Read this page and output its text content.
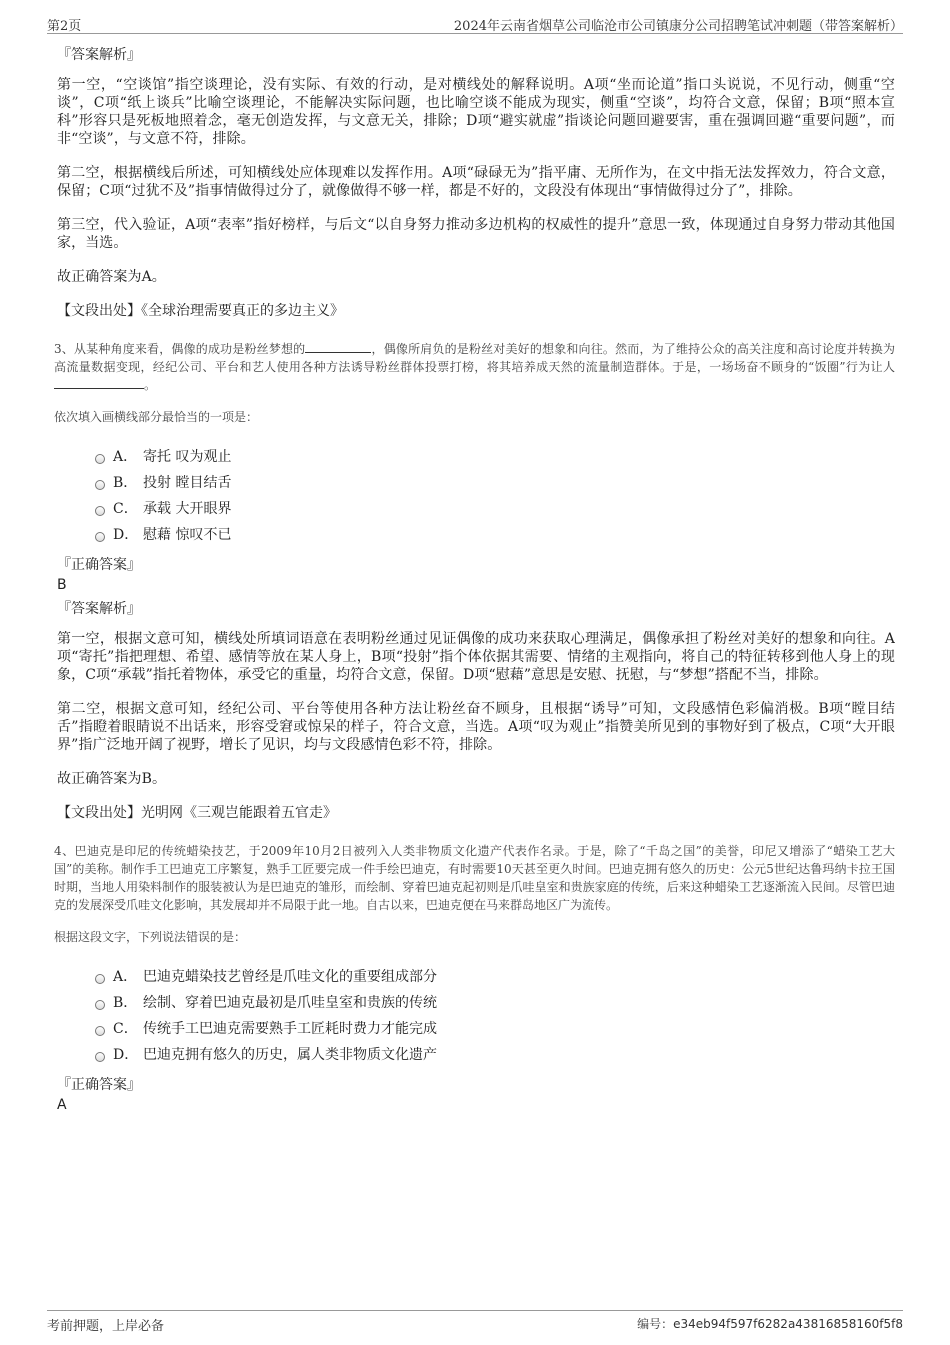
第2页	2024年云南省烟草公司临沧市公司镇康分公司招聘笔试冲刺题（带答案解析）
『答案解析』

第一空，“空谈馆”指空谈理论，没有实际、有效的行动，是对横线处的解释说明。A项“坐而论道”指口头说说，不见行动，侧重“空谈”，C项“纸上谈兵”比喻空谈理论，不能解决实际问题，也比喻空谈不能成为现实，侧重“空谈”，均符合文意，保留；B项“照本宣科”形容只是死板地照着念，毫无创造发挥，与文意无关，排除；D项“避实就虚”指谈论问题回避要害，重在强调回避“重要问题”，而非“空谈”，与文意不符，排除。

第二空，根据横线后所述，可知横线处应体现难以发挥作用。A项“碌碌无为”指平庸、无所作为，在文中指无法发挥效力，符合文意，保留；C项“过犹不及”指事情做得过分了，就像做得不够一样，都是不好的，文段没有体现出“事情做得过分了”，排除。

第三空，代入验证，A项“表率”指好榜样，与后文“以自身努力推动多边机构的权威性的提升”意思一致，体现通过自身努力带动其他国家，当选。

故正确答案为A。

【文段出处】《全球治理需要真正的多边主义》

3、从某种角度来看，偶像的成功是粉丝梦想的	，偶像所肩负的是粉丝对美好的想象和向往。然而，为了维持公众的高关注度和高讨论度并转换为高流量数据变现，经纪公司、平台和艺人使用各种方法诱导粉丝群体投票打榜，将其培养成天然的流量制造群体。于是，一场场奋不顾身的“饭圈”行为让人。

依次填入画横线部分最恰当的一项是：

A． 寄托 叹为观止
B． 投射 瞠目结舌
C． 承载 大开眼界
D． 慰藉 惊叹不已
『正确答案』
B
『答案解析』

第一空，根据文意可知，横线处所填词语意在表明粉丝通过见证偶像的成功来获取心理满足，偶像承担了粉丝对美好的想象和向往。A项“寄托”指把理想、希望、感情等放在某人身上，B项“投射”指个体依据其需要、情绪的主观指向，将自己的特征转移到他人身上的现象，C项“承载”指托着物体，承受它的重量，均符合文意，保留。D项“慰藉”意思是安慰、抚慰，与“梦想”搭配不当，排除。

第二空，根据文意可知，经纪公司、平台等使用各种方法让粉丝奋不顾身，且根据“诱导”可知，文段感情色彩偏消极。B项“瞠目结舌”指瞪着眼睛说不出话来，形容受窘或惊呆的样子，符合文意，当选。A项“叹为观止”指赞美所见到的事物好到了极点，C项“大开眼界”指广泛地开阔了视野，增长了见识，均与文段感情色彩不符，排除。

故正确答案为B。

【文段出处】光明网《三观岂能跟着五官走》

4、巴迪克是印尼的传统蜡染技艺，于2009年10月2日被列入人类非物质文化遗产代表作名录。于是，除了“千岛之国”的美誉，印尼又增添了“蜡染工艺大国”的美称。制作手工巴迪克工序繁复，熟手工匠要完成一件手绘巴迪克，有时需要10天甚至更久时间。巴迪克拥有悠久的历史：公元5世纪达鲁玛纳卡拉王国时期，当地人用染料制作的服装被认为是巴迪克的雏形，而绘制、穿着巴迪克起初则是爪哇皇室和贵族家庭的传统，后来这种蜡染工艺逐渐流入民间。尽管巴迪克的发展深受爪哇文化影响，其发展却并不局限于此一地。自古以来，巴迪克便在马来群岛地区广为流传。

根据这段文字，下列说法错误的是：

A． 巴迪克蜡染技艺曾经是爪哇文化的重要组成部分
B． 绘制、穿着巴迪克最初是爪哇皇室和贵族的传统
C． 传统手工巴迪克需要熟手工匠耗时费力才能完成
D． 巴迪克拥有悠久的历史，属人类非物质文化遗产
『正确答案』
A
考前押题，上岸必备	编号：e34eb94f597f6282a43816858160f5f8
